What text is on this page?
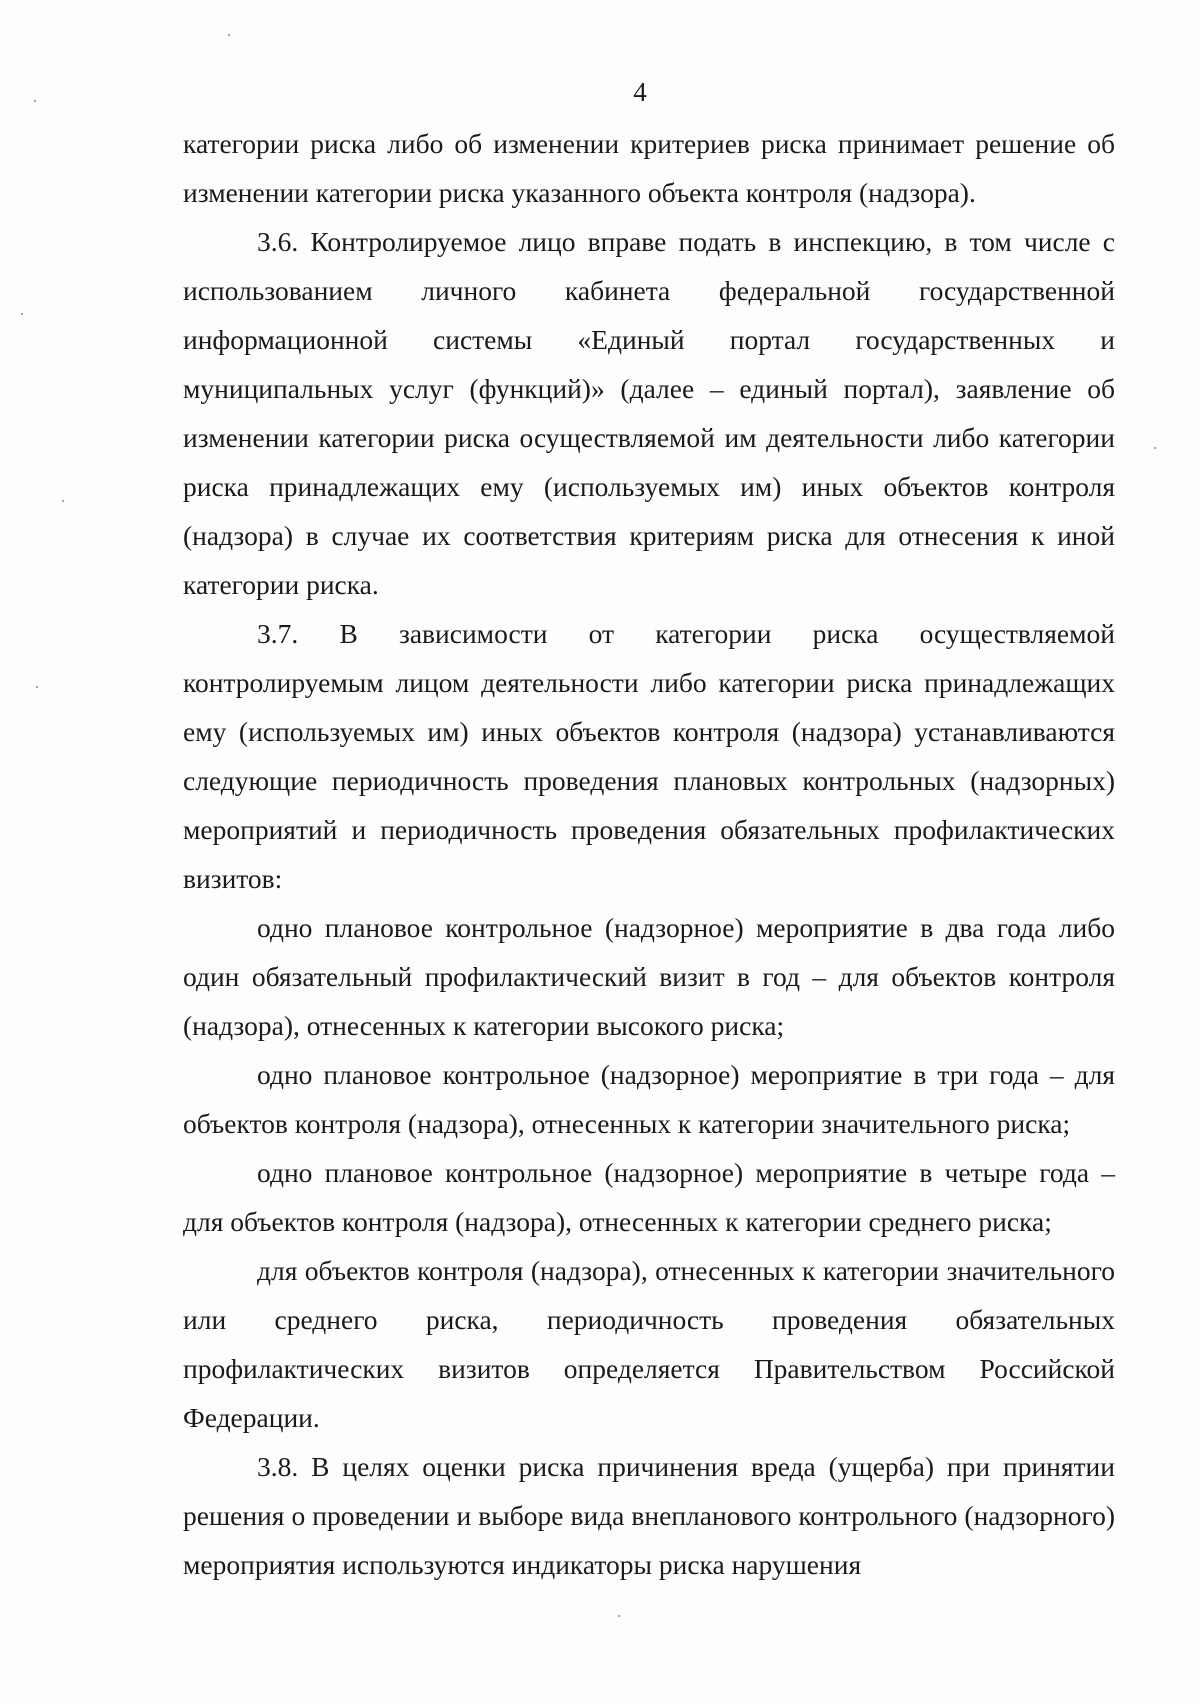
4

категории риска либо об изменении критериев риска принимает решение об изменении категории риска указанного объекта контроля (надзора).

3.6. Контролируемое лицо вправе подать в инспекцию, в том числе с использованием личного кабинета федеральной государственной информационной системы «Единый портал государственных и муниципальных услуг (функций)» (далее – единый портал), заявление об изменении категории риска осуществляемой им деятельности либо категории риска принадлежащих ему (используемых им) иных объектов контроля (надзора) в случае их соответствия критериям риска для отнесения к иной категории риска.

3.7. В зависимости от категории риска осуществляемой контролируемым лицом деятельности либо категории риска принадлежащих ему (используемых им) иных объектов контроля (надзора) устанавливаются следующие периодичность проведения плановых контрольных (надзорных) мероприятий и периодичность проведения обязательных профилактических визитов:

одно плановое контрольное (надзорное) мероприятие в два года либо один обязательный профилактический визит в год – для объектов контроля (надзора), отнесенных к категории высокого риска;

одно плановое контрольное (надзорное) мероприятие в три года – для объектов контроля (надзора), отнесенных к категории значительного риска;

одно плановое контрольное (надзорное) мероприятие в четыре года – для объектов контроля (надзора), отнесенных к категории среднего риска;

для объектов контроля (надзора), отнесенных к категории значительного или среднего риска, периодичность проведения обязательных профилактических визитов определяется Правительством Российской Федерации.

3.8. В целях оценки риска причинения вреда (ущерба) при принятии решения о проведении и выборе вида внепланового контрольного (надзорного) мероприятия используются индикаторы риска нарушения
